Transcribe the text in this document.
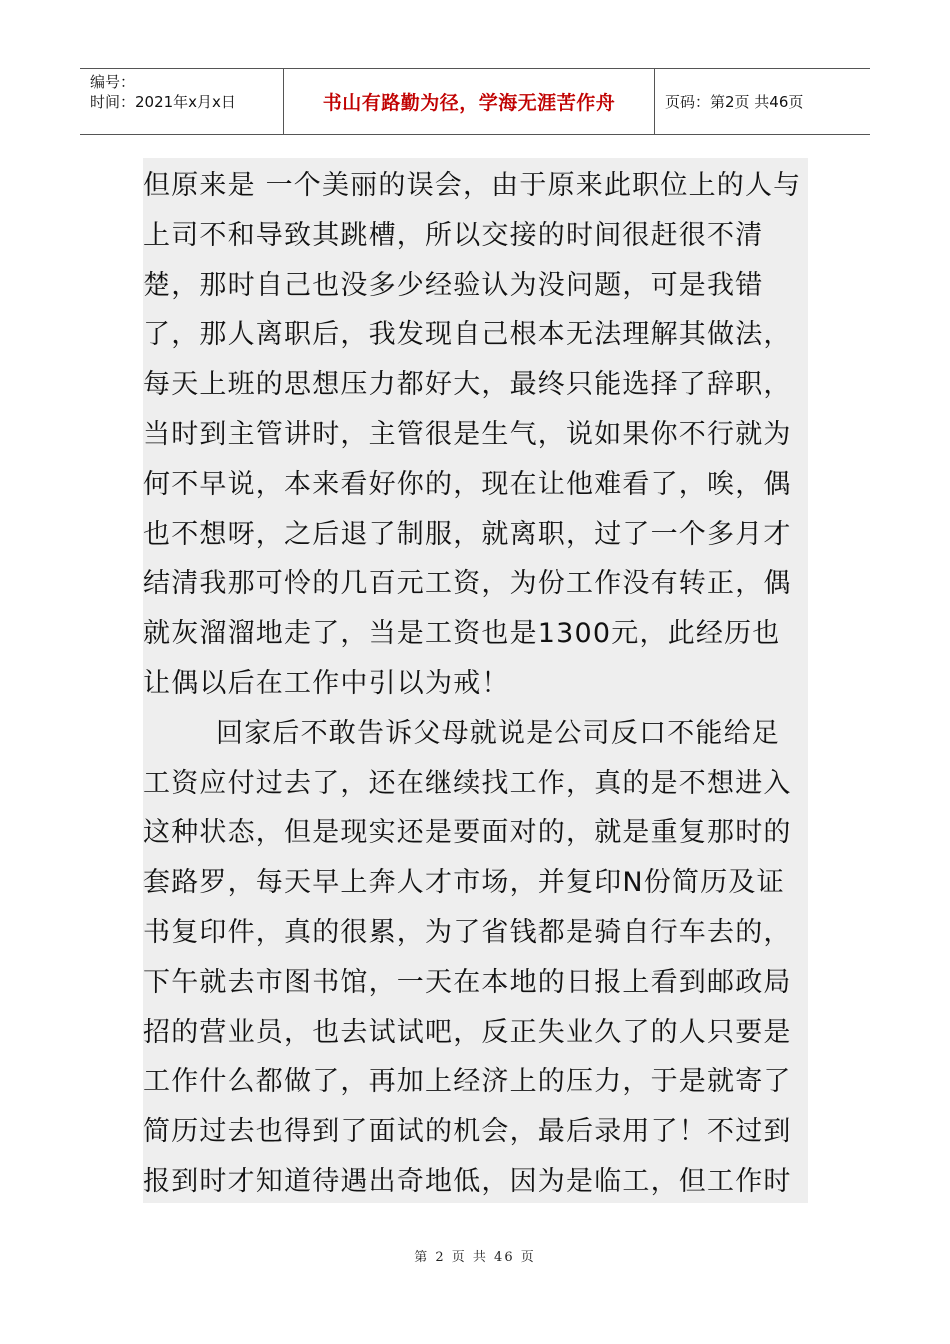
编号：
时间：2021年x月x日	书山有路勤为径，学海无涯苦作舟	页码：第2页 共46页

但原来是 一个美丽的误会，由于原来此职位上的人与上司不和导致其跳槽，所以交接的时间很赶很不清楚，那时自己也没多少经验认为没问题，可是我错了，那人离职后，我发现自己根本无法理解其做法，每天上班的思想压力都好大，最终只能选择了辞职，当时到主管讲时，主管很是生气，说如果你不行就为何不早说，本来看好你的，现在让他难看了，唉，偶也不想呀，之后退了制服，就离职，过了一个多月才结清我那可怜的几百元工资，为份工作没有转正，偶就灰溜溜地走了，当是工资也是1300元，此经历也让偶以后在工作中引以为戒！

回家后不敢告诉父母就说是公司反口不能给足工资应付过去了，还在继续找工作，真的是不想进入这种状态，但是现实还是要面对的，就是重复那时的套路罗，每天早上奔人才市场，并复印N份简历及证书复印件，真的很累，为了省钱都是骑自行车去的，下午就去市图书馆，一天在本地的日报上看到邮政局招的营业员，也去试试吧，反正失业久了的人只要是工作什么都做了，再加上经济上的压力，于是就寄了简历过去也得到了面试的机会，最后录用了！不过到报到时才知道待遇出奇地低，因为是临工，但工作时

第 2 页 共 46 页
